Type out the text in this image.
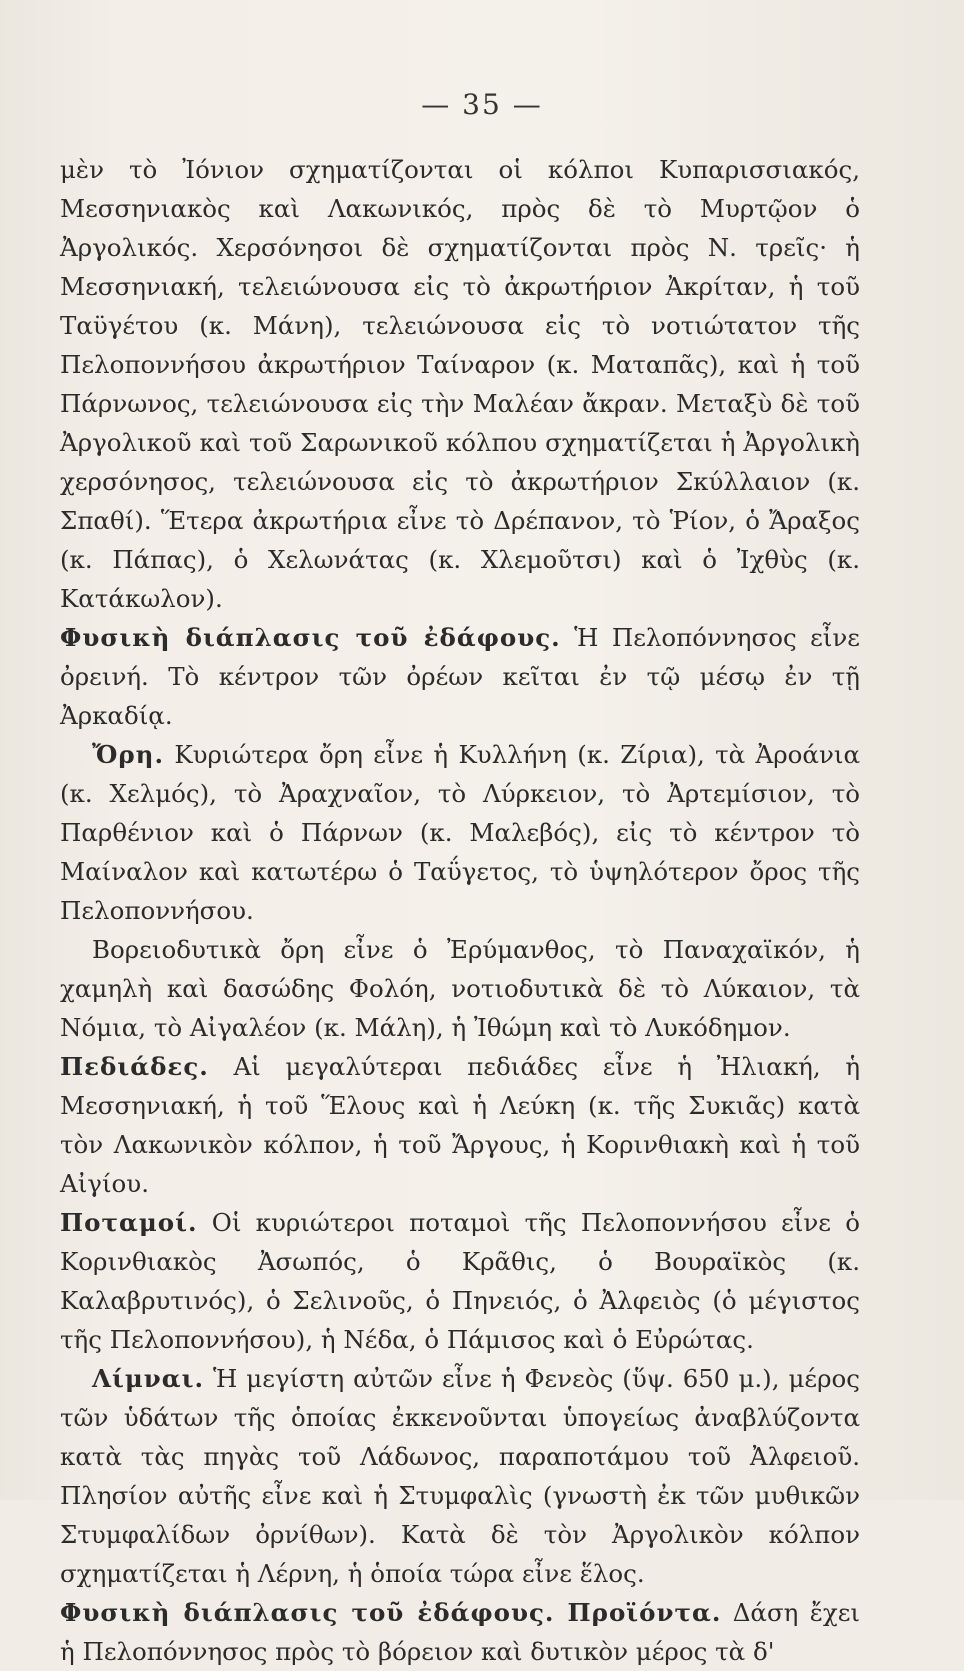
— 35 —

μὲν τὸ Ἰόνιον σχηματίζονται οἱ κόλποι Κυπαρισσιακός, Μεσσηνιακὸς καὶ Λακωνικός, πρὸς δὲ τὸ Μυρτῷον ὁ Ἀργολικός. Χερσόνησοι δὲ σχηματίζονται πρὸς Ν. τρεῖς· ἡ Μεσσηνιακή, τελειώνουσα εἰς τὸ ἀκρωτήριον Ἀκρίταν, ἡ τοῦ Ταϋγέτου (κ. Μάνη), τελειώνουσα εἰς τὸ νοτιώτατον τῆς Πελοποννήσου ἀκρωτήριον Ταίναρον (κ. Ματαπᾶς), καὶ ἡ τοῦ Πάρνωνος, τελειώνουσα εἰς τὴν Μαλέαν ἄκραν. Μεταξὺ δὲ τοῦ Ἀργολικοῦ καὶ τοῦ Σαρωνικοῦ κόλπου σχηματίζεται ἡ Ἀργολικὴ χερσόνησος, τελειώνουσα εἰς τὸ ἀκρωτήριον Σκύλλαιον (κ. Σπαθί). Ἕτερα ἀκρωτήρια εἶνε τὸ Δρέπανον, τὸ Ῥίον, ὁ Ἄραξος (κ. Πάπας), ὁ Χελωνάτας (κ. Χλεμοῦτσι) καὶ ὁ Ἰχθὺς (κ. Κατάκωλον).

Φυσικὴ διάπλασις τοῦ ἐδάφους. Ἡ Πελοπόννησος εἶνε ὀρεινή. Τὸ κέντρον τῶν ὀρέων κεῖται ἐν τῷ μέσῳ ἐν τῇ Ἀρκαδίᾳ.

Ὄρη. Κυριώτερα ὄρη εἶνε ἡ Κυλλήνη (κ. Ζίρια), τὰ Ἀροάνια (κ. Χελμός), τὸ Ἀραχναῖον, τὸ Λύρκειον, τὸ Ἀρτεμίσιον, τὸ Παρθένιον καὶ ὁ Πάρνων (κ. Μαλεβός), εἰς τὸ κέντρον τὸ Μαίναλον καὶ κατωτέρω ὁ Ταΰγετος, τὸ ὑψηλότερον ὄρος τῆς Πελοποννήσου.

Βορειοδυτικὰ ὄρη εἶνε ὁ Ἐρύμανθος, τὸ Παναχαϊκόν, ἡ χαμηλὴ καὶ δασώδης Φολόη, νοτιοδυτικὰ δὲ τὸ Λύκαιον, τὰ Νόμια, τὸ Αἰγαλέον (κ. Μάλη), ἡ Ἰθώμη καὶ τὸ Λυκόδημον.

Πεδιάδες. Αἱ μεγαλύτεραι πεδιάδες εἶνε ἡ Ἠλιακή, ἡ Μεσσηνιακή, ἡ τοῦ Ἕλους καὶ ἡ Λεύκη (κ. τῆς Συκιᾶς) κατὰ τὸν Λακωνικὸν κόλπον, ἡ τοῦ Ἄργους, ἡ Κορινθιακὴ καὶ ἡ τοῦ Αἰγίου.

Ποταμοί. Οἱ κυριώτεροι ποταμοὶ τῆς Πελοποννήσου εἶνε ὁ Κορινθιακὸς Ἀσωπός, ὁ Κρᾶθις, ὁ Βουραϊκὸς (κ. Καλαβρυτινός), ὁ Σελινοῦς, ὁ Πηνειός, ὁ Ἀλφειὸς (ὁ μέγιστος τῆς Πελοποννήσου), ἡ Νέδα, ὁ Πάμισος καὶ ὁ Εὐρώτας.

Λίμναι. Ἡ μεγίστη αὐτῶν εἶνε ἡ Φενεὸς (ὕψ. 650 μ.), μέρος τῶν ὑδάτων τῆς ὁποίας ἐκκενοῦνται ὑπογείως ἀναβλύζοντα κατὰ τὰς πηγὰς τοῦ Λάδωνος, παραποτάμου τοῦ Ἀλφειοῦ. Πλησίον αὐτῆς εἶνε καὶ ἡ Στυμφαλὶς (γνωστὴ ἐκ τῶν μυθικῶν Στυμφαλίδων ὀρνίθων). Κατὰ δὲ τὸν Ἀργολικὸν κόλπον σχηματίζεται ἡ Λέρνη, ἡ ὁποία τώρα εἶνε ἕλος.

Φυσικὴ διάπλασις τοῦ ἐδάφους. Προϊόντα. Δάση ἔχει ἡ Πελοπόννησος πρὸς τὸ βόρειον καὶ δυτικὸν μέρος τὰ δ'
